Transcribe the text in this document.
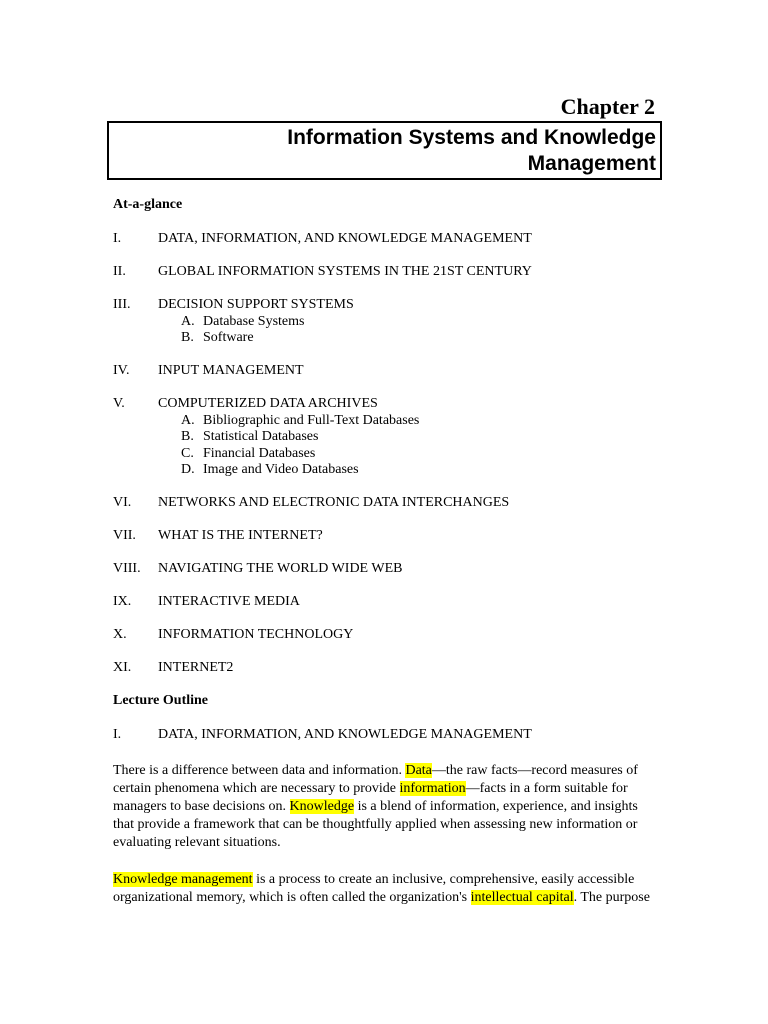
Chapter 2
Information Systems and Knowledge Management
At-a-glance
I.	DATA, INFORMATION, AND KNOWLEDGE MANAGEMENT
II. GLOBAL INFORMATION SYSTEMS IN THE 21ST CENTURY
III. DECISION SUPPORT SYSTEMS
A. Database Systems
B. Software
IV. INPUT MANAGEMENT
V. COMPUTERIZED DATA ARCHIVES
A. Bibliographic and Full-Text Databases
B. Statistical Databases
C. Financial Databases
D. Image and Video Databases
VI. NETWORKS AND ELECTRONIC DATA INTERCHANGES
VII. WHAT IS THE INTERNET?
VIII. NAVIGATING THE WORLD WIDE WEB
IX. INTERACTIVE MEDIA
X. INFORMATION TECHNOLOGY
XI. INTERNET2
Lecture Outline
I.	DATA, INFORMATION, AND KNOWLEDGE MANAGEMENT
There is a difference between data and information. Data—the raw facts—record measures of certain phenomena which are necessary to provide information—facts in a form suitable for managers to base decisions on. Knowledge is a blend of information, experience, and insights that provide a framework that can be thoughtfully applied when assessing new information or evaluating relevant situations.
Knowledge management is a process to create an inclusive, comprehensive, easily accessible organizational memory, which is often called the organization's intellectual capital. The purpose
